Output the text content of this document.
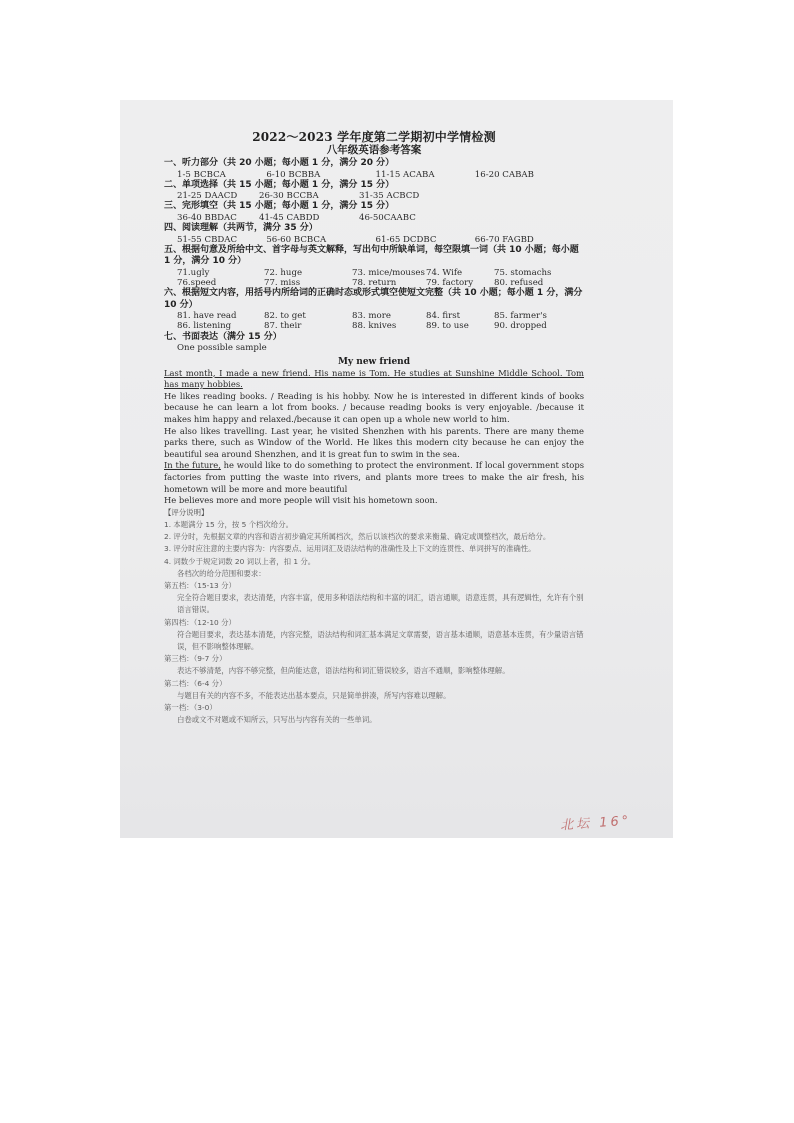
2022～2023 学年度第二学期初中学情检测
八年级英语参考答案
一、听力部分（共 20 小题；每小题 1 分，满分 20 分）
1-5 BCBCA	6-10 BCBBA	11-15 ACABA	16-20 CABAB
二、单项选择（共 15 小题；每小题 1 分，满分 15 分）
21-25 DAACD	26-30 BCCBA	31-35 ACBCD
三、完形填空（共 15 小题；每小题 1 分，满分 15 分）
36-40 BBDAC	41-45 CABDD	46-50CAABC
四、阅读理解（共两节，满分 35 分）
51-55 CBDAC	56-60 BCBCA	61-65 DCDBC	66-70 FAGBD
五、根据句意及所给中文、首字母与英文解释，写出句中所缺单词，每空限填一词（共 10 小题；每小题 1 分，满分 10 分）
71.ugly	72. huge	73. mice/mouses 74. Wife	75. stomachs
76.speed	77. miss	78. return	79. factory	80. refused
六、根据短文内容，用括号内所给词的正确时态或形式填空使短文完整（共 10 小题；每小题 1 分，满分 10 分）
81. have read	82. to get	83. more	84. first	85. farmer's
86. listening	87. their	88. knives	89. to use	90. dropped
七、书面表达（满分 15 分）
One possible sample
My new friend

Last month, I made a new friend. His name is Tom. He studies at Sunshine Middle School. Tom has many hobbies.

He likes reading books. / Reading is his hobby. Now he is interested in different kinds of books because he can learn a lot from books. / because reading books is very enjoyable. /because it makes him happy and relaxed./because it can open up a whole new world to him.

He also likes travelling. Last year, he visited Shenzhen with his parents. There are many theme parks there, such as Window of the World. He likes this modern city because he can enjoy the beautiful sea around Shenzhen, and it is great fun to swim in the sea.

In the future, he would like to do something to protect the environment. If local government stops factories from putting the waste into rivers, and plants more trees to make the air fresh, his hometown will be more and more beautiful

He believes more and more people will visit his hometown soon.

【评分说明】
1. 本题满分 15 分，按 5 个档次给分。
2. 评分时，先根据文章的内容和语言初步确定其所属档次，然后以该档次的要求来衡量、确定或调整档次，最后给分。
3. 评分时应注意的主要内容为：内容要点、运用词汇及语法结构的准确性及上下文的连贯性、单词拼写的准确性。
4. 词数少于规定词数 20 词以上者，扣 1 分。
各档次的给分范围和要求：
第五档：（15-13 分）
完全符合题目要求，表达清楚，内容丰富，使用多种语法结构和丰富的词汇，语言通顺，语意连贯，具有逻辑性，允许有个别语言错误。
第四档：（12-10 分）
符合题目要求，表达基本清楚，内容完整，语法结构和词汇基本满足文章需要，语言基本通顺，语意基本连贯，有少量语言错误，但不影响整体理解。
第三档：（9-7 分）
表达不够清楚，内容不够完整，但尚能达意，语法结构和词汇错误较多，语言不通顺，影响整体理解。
第二档：（6-4 分）
与题目有关的内容不多，不能表达出基本要点，只是简单拼凑，所写内容难以理解。
第一档：（3-0）
白卷或文不对题或不知所云，只写出与内容有关的一些单词。
北坛 16°
